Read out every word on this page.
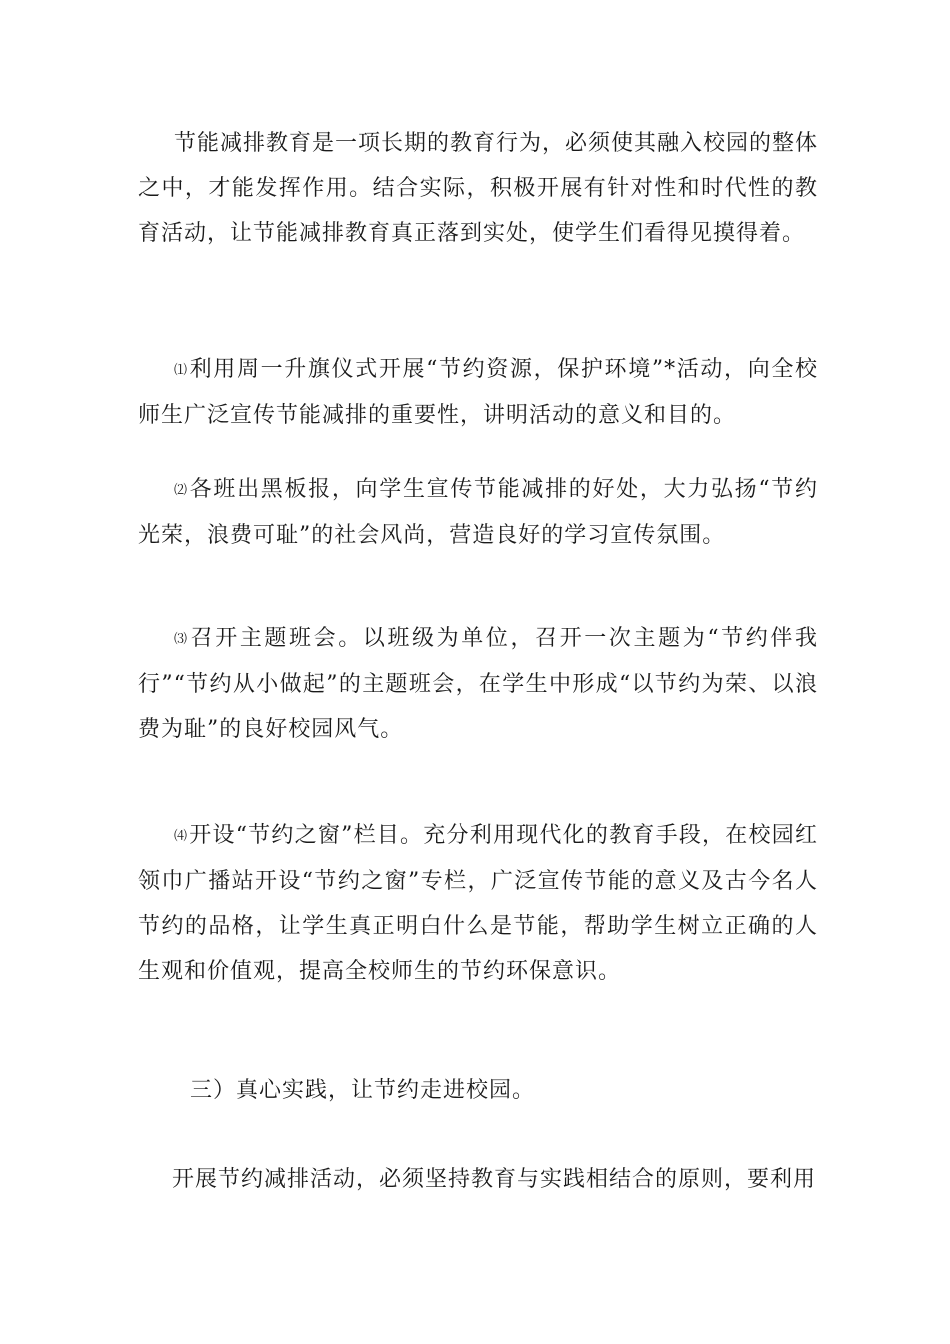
节能减排教育是一项长期的教育行为，必须使其融入校园的整体之中，才能发挥作用。结合实际，积极开展有针对性和时代性的教育活动，让节能减排教育真正落到实处，使学生们看得见摸得着。

⑴利用周一升旗仪式开展“节约资源，保护环境”*活动，向全校师生广泛宣传节能减排的重要性，讲明活动的意义和目的。

⑵各班出黑板报，向学生宣传节能减排的好处，大力弘扬“节约光荣，浪费可耻”的社会风尚，营造良好的学习宣传氛围。

⑶召开主题班会。以班级为单位，召开一次主题为“节约伴我行”“节约从小做起”的主题班会，在学生中形成“以节约为荣、以浪费为耻”的良好校园风气。

⑷开设“节约之窗”栏目。充分利用现代化的教育手段，在校园红领巾广播站开设“节约之窗”专栏，广泛宣传节能的意义及古今名人节约的品格，让学生真正明白什么是节能，帮助学生树立正确的人生观和价值观，提高全校师生的节约环保意识。

三）真心实践，让节约走进校园。

开展节约减排活动，必须坚持教育与实践相结合的原则，要利用
